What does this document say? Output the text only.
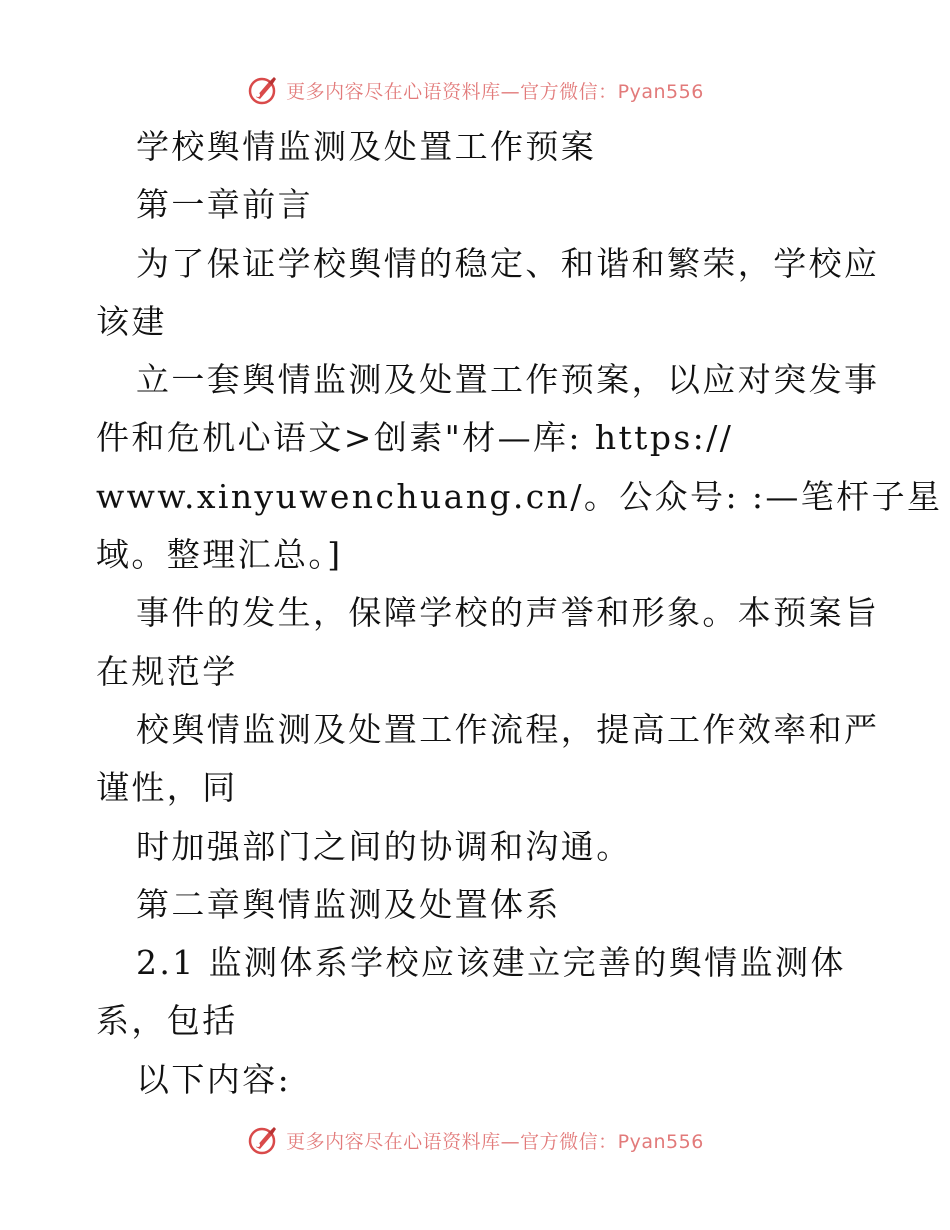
更多内容尽在心语资料库—官方微信：Pyan556
学校舆情监测及处置工作预案
第一章前言
为了保证学校舆情的稳定、和谐和繁荣，学校应
该建
立一套舆情监测及处置工作预案，以应对突发事
件和危机心语文>创素"材—库: https://
www.xinyuwenchuang.cn/。公众号: :—笔杆子星
域。整理汇总。]
事件的发生，保障学校的声誉和形象。本预案旨
在规范学
校舆情监测及处置工作流程，提高工作效率和严
谨性，同
时加强部门之间的协调和沟通。
第二章舆情监测及处置体系
2.1 监测体系学校应该建立完善的舆情监测体
系，包括
以下内容:
更多内容尽在心语资料库—官方微信：Pyan556
